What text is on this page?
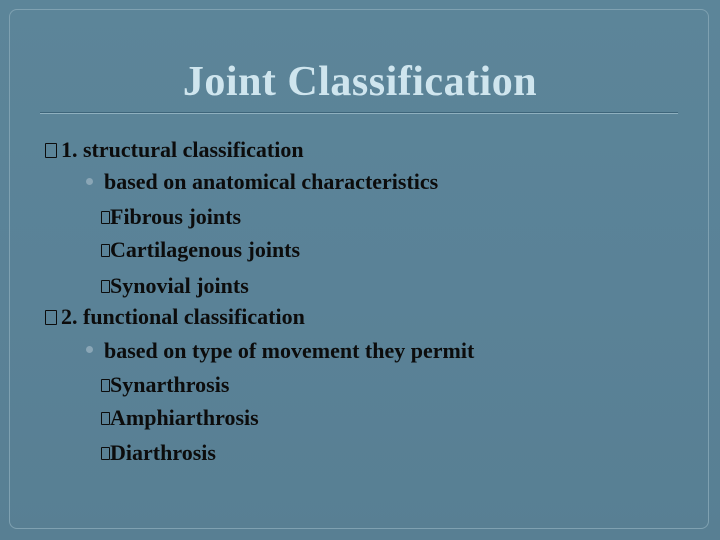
Joint Classification
1. structural classification
based on anatomical characteristics
Fibrous joints
Cartilagenous joints
Synovial joints
2. functional classification
based on type of movement they permit
Synarthrosis
Amphiarthrosis
Diarthrosis
